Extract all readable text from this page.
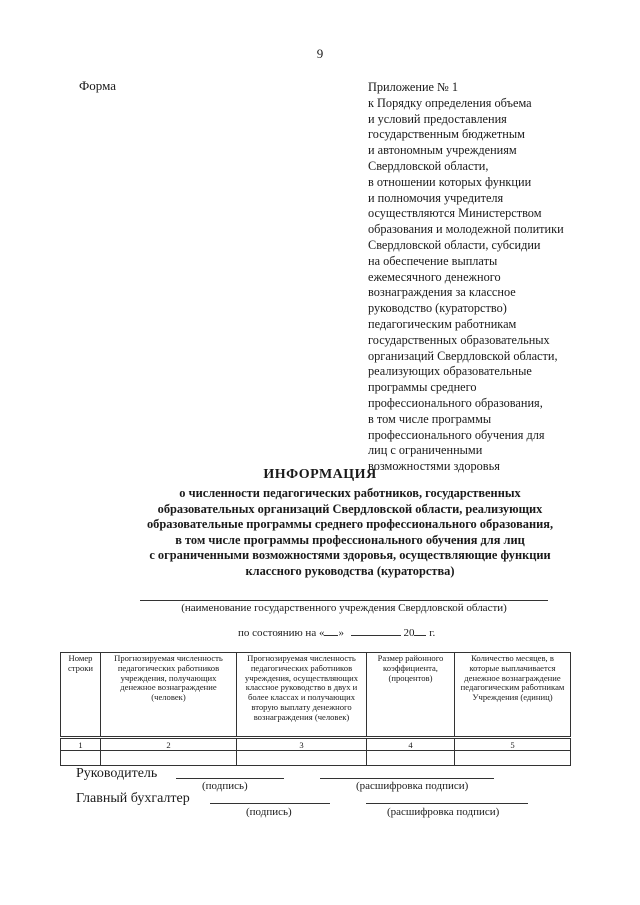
9
Форма	Приложение № 1
к Порядку определения объема
и условий предоставления
государственным бюджетным
и автономным учреждениям
Свердловской области,
в отношении которых функции
и полномочия учредителя
осуществляются Министерством
образования и молодежной политики
Свердловской области, субсидии
на обеспечение выплаты
ежемесячного денежного
вознаграждения за классное
руководство (кураторство)
педагогическим работникам
государственных образовательных
организаций Свердловской области,
реализующих образовательные
программы среднего
профессионального образования,
в том числе программы
профессионального обучения для
лиц с ограниченными
возможностями здоровья
ИНФОРМАЦИЯ
о численности педагогических работников, государственных
образовательных организаций Свердловской области, реализующих
образовательные программы среднего профессионального образования,
в том числе программы профессионального обучения для лиц
с ограниченными возможностями здоровья, осуществляющие функции
классного руководства (кураторства)
(наименование государственного учреждения Свердловской области)
по состоянию на « »	20 г.
Номер строки	Прогнозируемая численность педагогических работников учреждения, получающих денежное вознаграждение (человек)	Прогнозируемая численность педагогических работников учреждения, осуществляющих классное руководство в двух и более классах и получающих вторую выплату денежного вознаграждения (человек)	Размер районного коэффициента, (процентов)	Количество месяцев, в которые выплачивается денежное вознаграждение педагогическим работникам Учреждения (единиц)
1	2	3	4	5

Руководитель
(подпись)	(расшифровка подписи)
Главный бухгалтер
(подпись)	(расшифровка подписи)
